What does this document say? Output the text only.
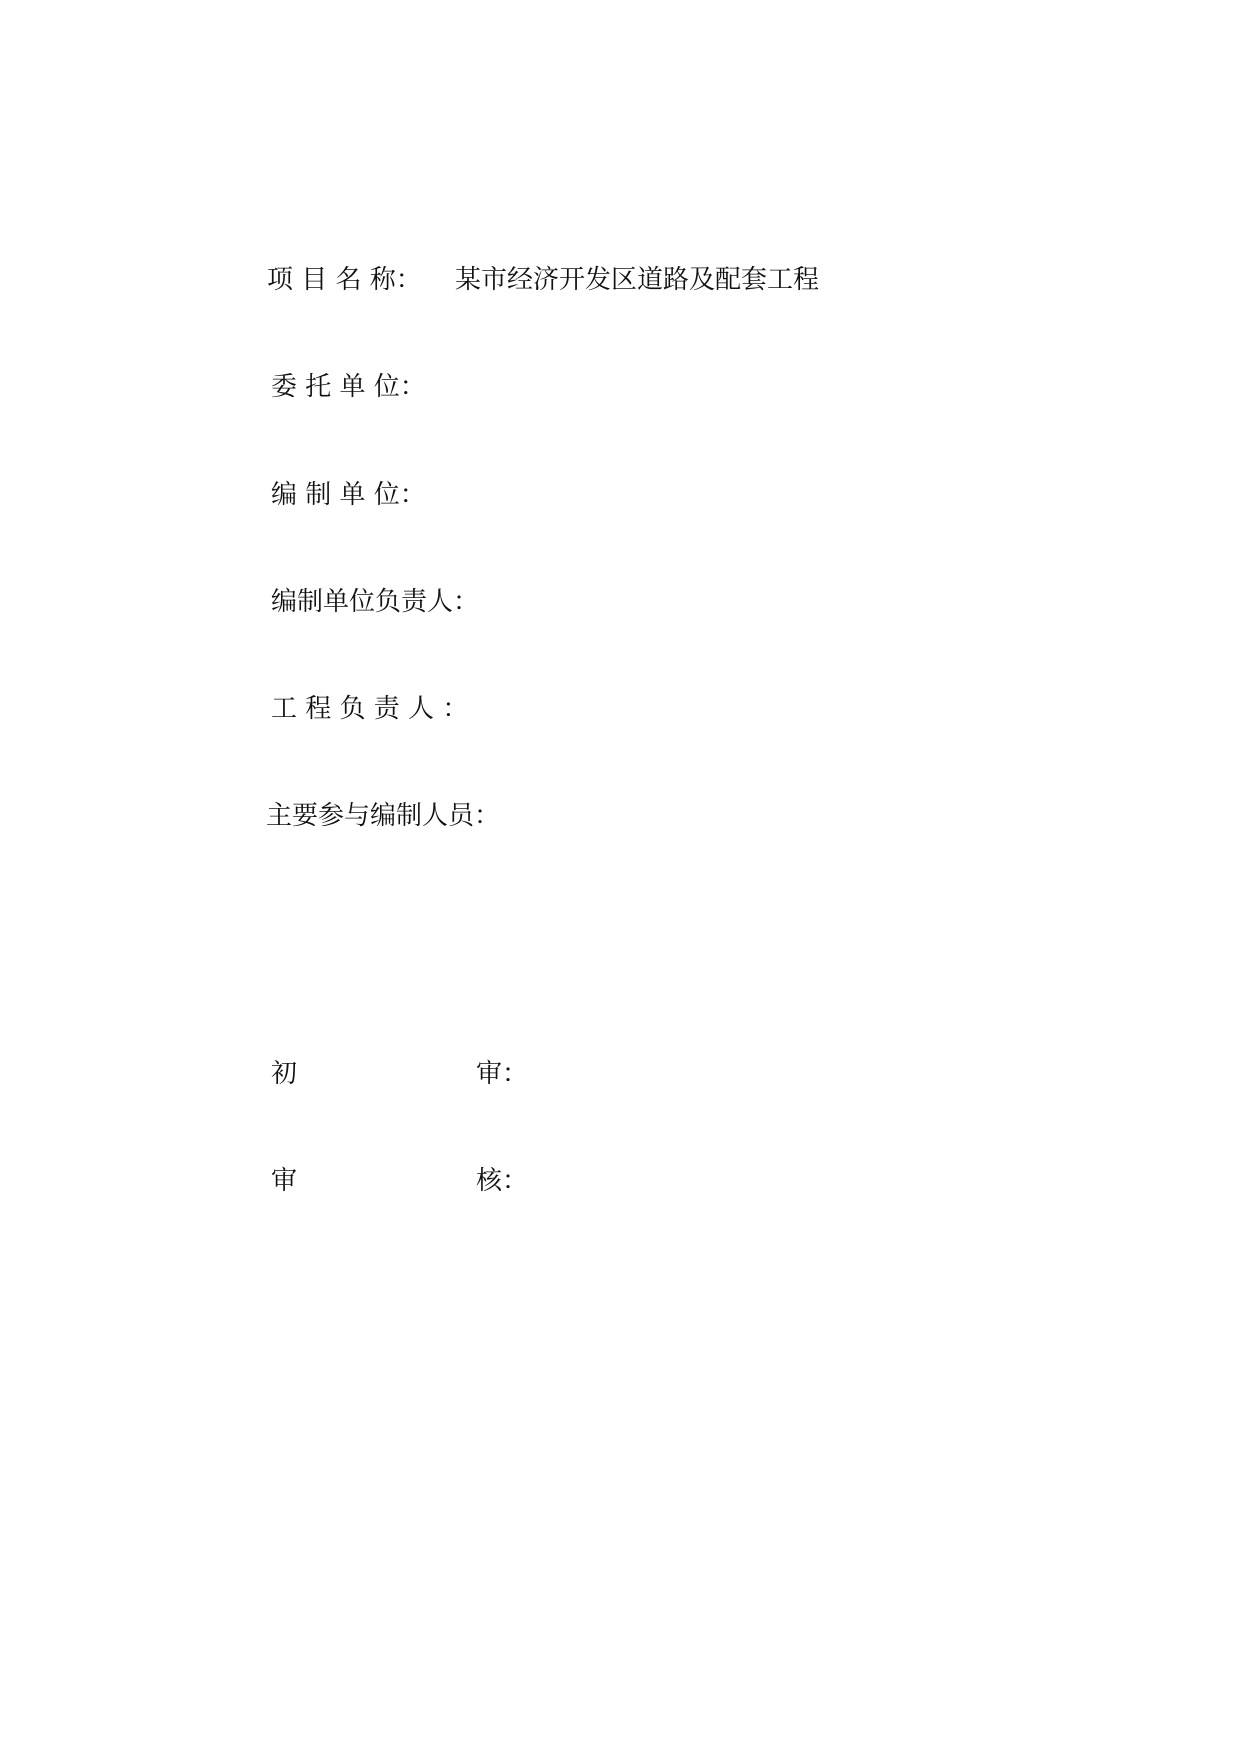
项 目 名 称： 某市经济开发区道路及配套工程
委 托 单 位：
编 制 单 位：
编制单位负责人：
工 程 负 责 人 ：
主要参与编制人员：
初	审：
审	核：
